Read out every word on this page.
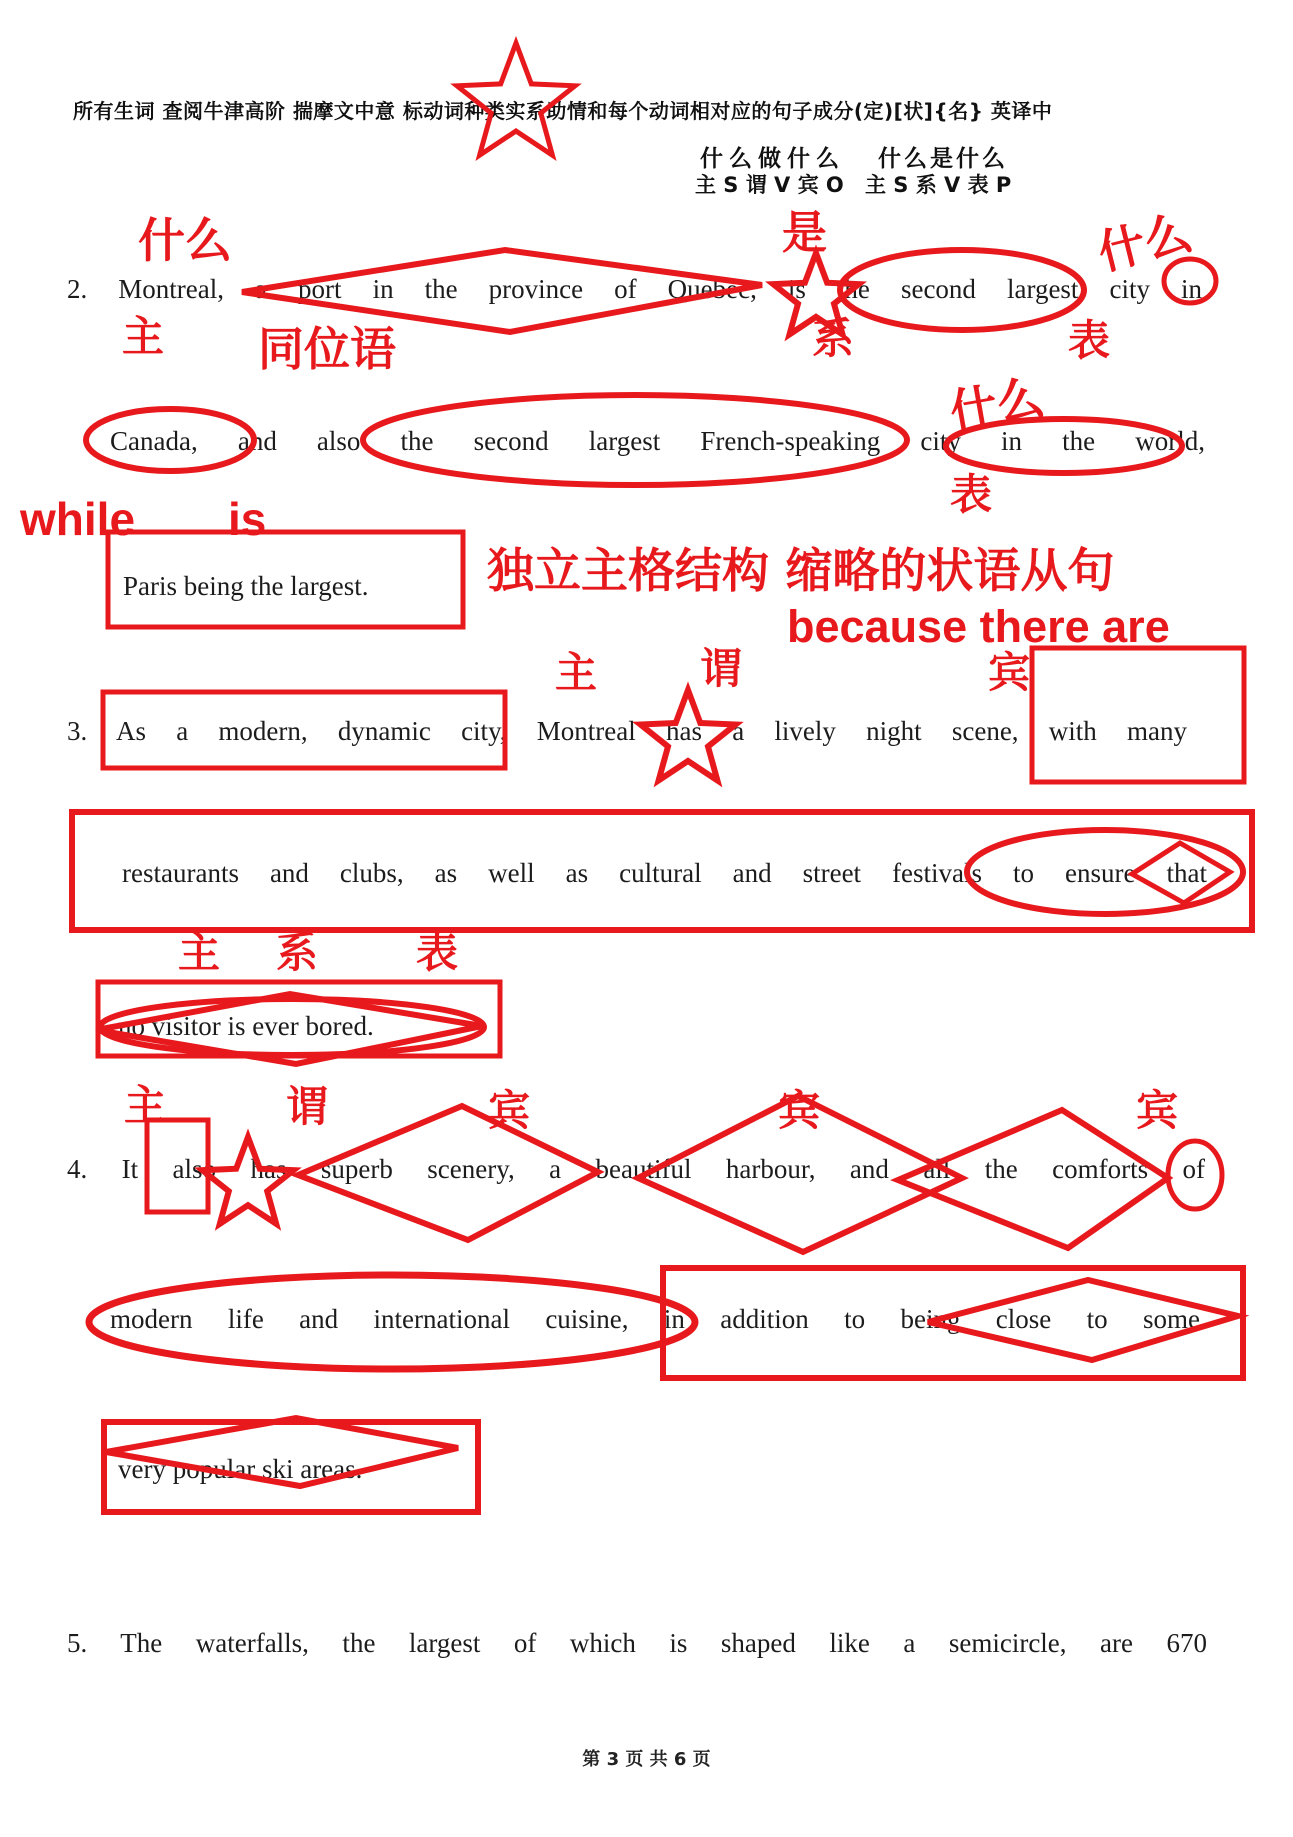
所有生词 查阅牛津高阶 揣摩文中意 标动词种类实系助情和每个动词相对应的句子成分(定)[状]{名} 英译中
什么做什么 什么是什么
主 S 谓 V 宾 O 主 S 系 V 表 P
2. Montreal, a port in the province of Quebec, is the second largest city in
Canada, and also the second largest French-speaking city in the world,
Paris being the largest.
3. As a modern, dynamic city, Montreal has a lively night scene, with many
restaurants and clubs, as well as cultural and street festivals to ensure that
no visitor is ever bored.
4. It also has superb scenery, a beautiful harbour, and all the comforts of
modern life and international cuisine, in addition to being close to some
very popular ski areas.
5. The waterfalls, the largest of which is shaped like a semicircle, are 670
第 3 页 共 6 页
什么	是	什么
主 同位语	系	表
什么
表
while is
独立主格结构 缩略的状语从句
because there are
主 谓	宾
主 系 表
主	谓	宾	宾	宾
